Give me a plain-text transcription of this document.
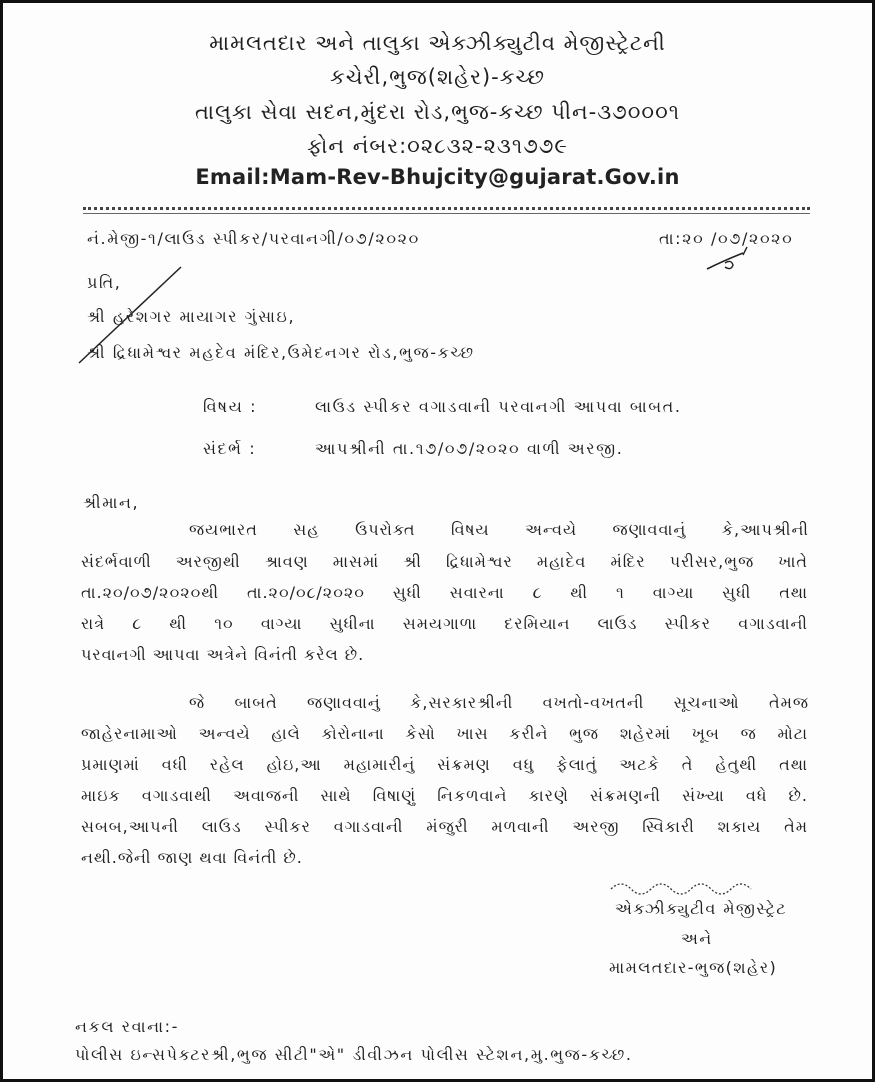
મામલતદાર અને તાલુકા એક્ઝીક્યુટીવ મેજીસ્ટ્રેટની
કચેરી,ભુજ(શહેર)-કચ્છ
તાલુકા સેવા સદન,મુંદરા રોડ,ભુજ-કચ્છ પીન-૩૭૦૦૦૧
ફોન નંબર:૦૨૮૩૨-૨૩૧૭૭૯
Email:Mam-Rev-Bhujcity@gujarat.Gov.in
નં.મેજી-૧/લાઉડ સ્પીકર/પરવાનગી/૦૭/૨૦૨૦	તા:૨૦ /૦૭/૨૦૨૦
પ્રતિ,
શ્રી હરેશગર માયાગર ગુંસાઇ,
શ્રી દ્રિધામેશ્વર મહદેવ મંદિર,ઉમેદનગર રોડ,ભુજ-કચ્છ
વિષય :	લાઉડ સ્પીકર વગાડવાની પરવાનગી આપવા બાબત.
સંદર્ભ :	આપશ્રીની તા.૧૭/૦૭/૨૦૨૦ વાળી અરજી.
શ્રીમાન,
જયભારત સહ ઉપરોક્ત વિષય અન્વયે જણાવવાનું કે,આપશ્રીની
સંદર્ભવાળી અરજીથી શ્રાવણ માસમાં શ્રી દ્રિધામેશ્વર મહાદેવ મંદિર પરીસર,ભુજ ખાતે
તા.૨૦/૦૭/૨૦૨૦થી તા.૨૦/૦૮/૨૦૨૦ સુધી સવારના ૮ થી ૧ વાગ્યા સુધી તથા
રાત્રે ૮ થી ૧૦ વાગ્યા સુધીના સમયગાળા દરમિયાન લાઉડ સ્પીકર વગાડવાની
પરવાનગી આપવા અત્રેને વિનંતી કરેલ છે.
જે બાબતે જણાવવાનું કે,સરકારશ્રીની વખતો-વખતની સૂચનાઓ તેમજ
જાહેરનામાઓ અન્વયે હાલે કોરોનાના કેસો ખાસ કરીને ભુજ શહેરમાં ખૂબ જ મોટા
પ્રમાણમાં વધી રહેલ હોઇ,આ મહામારીનું સંક્રમણ વધુ ફેલાતું અટકે તે હેતુથી તથા
માઇક વગાડવાથી અવાજની સાથે વિષાણું નિકળવાને કારણે સંક્રમણની સંખ્યા વધે છે.
સબબ,આપની લાઉડ સ્પીકર વગાડવાની મંજુરી મળવાની અરજી સ્વિકારી શકાય તેમ
નથી.જેની જાણ થવા વિનંતી છે.
એક્ઝીક્યુટીવ મેજીસ્ટ્રેટ
અને
મામલતદાર-ભુજ(શહેર)
નકલ રવાના:-
પોલીસ ઇન્સપેક્ટરશ્રી,ભુજ સીટી"એ" ડીવીઝન પોલીસ સ્ટેશન,મુ.ભુજ-કચ્છ.
